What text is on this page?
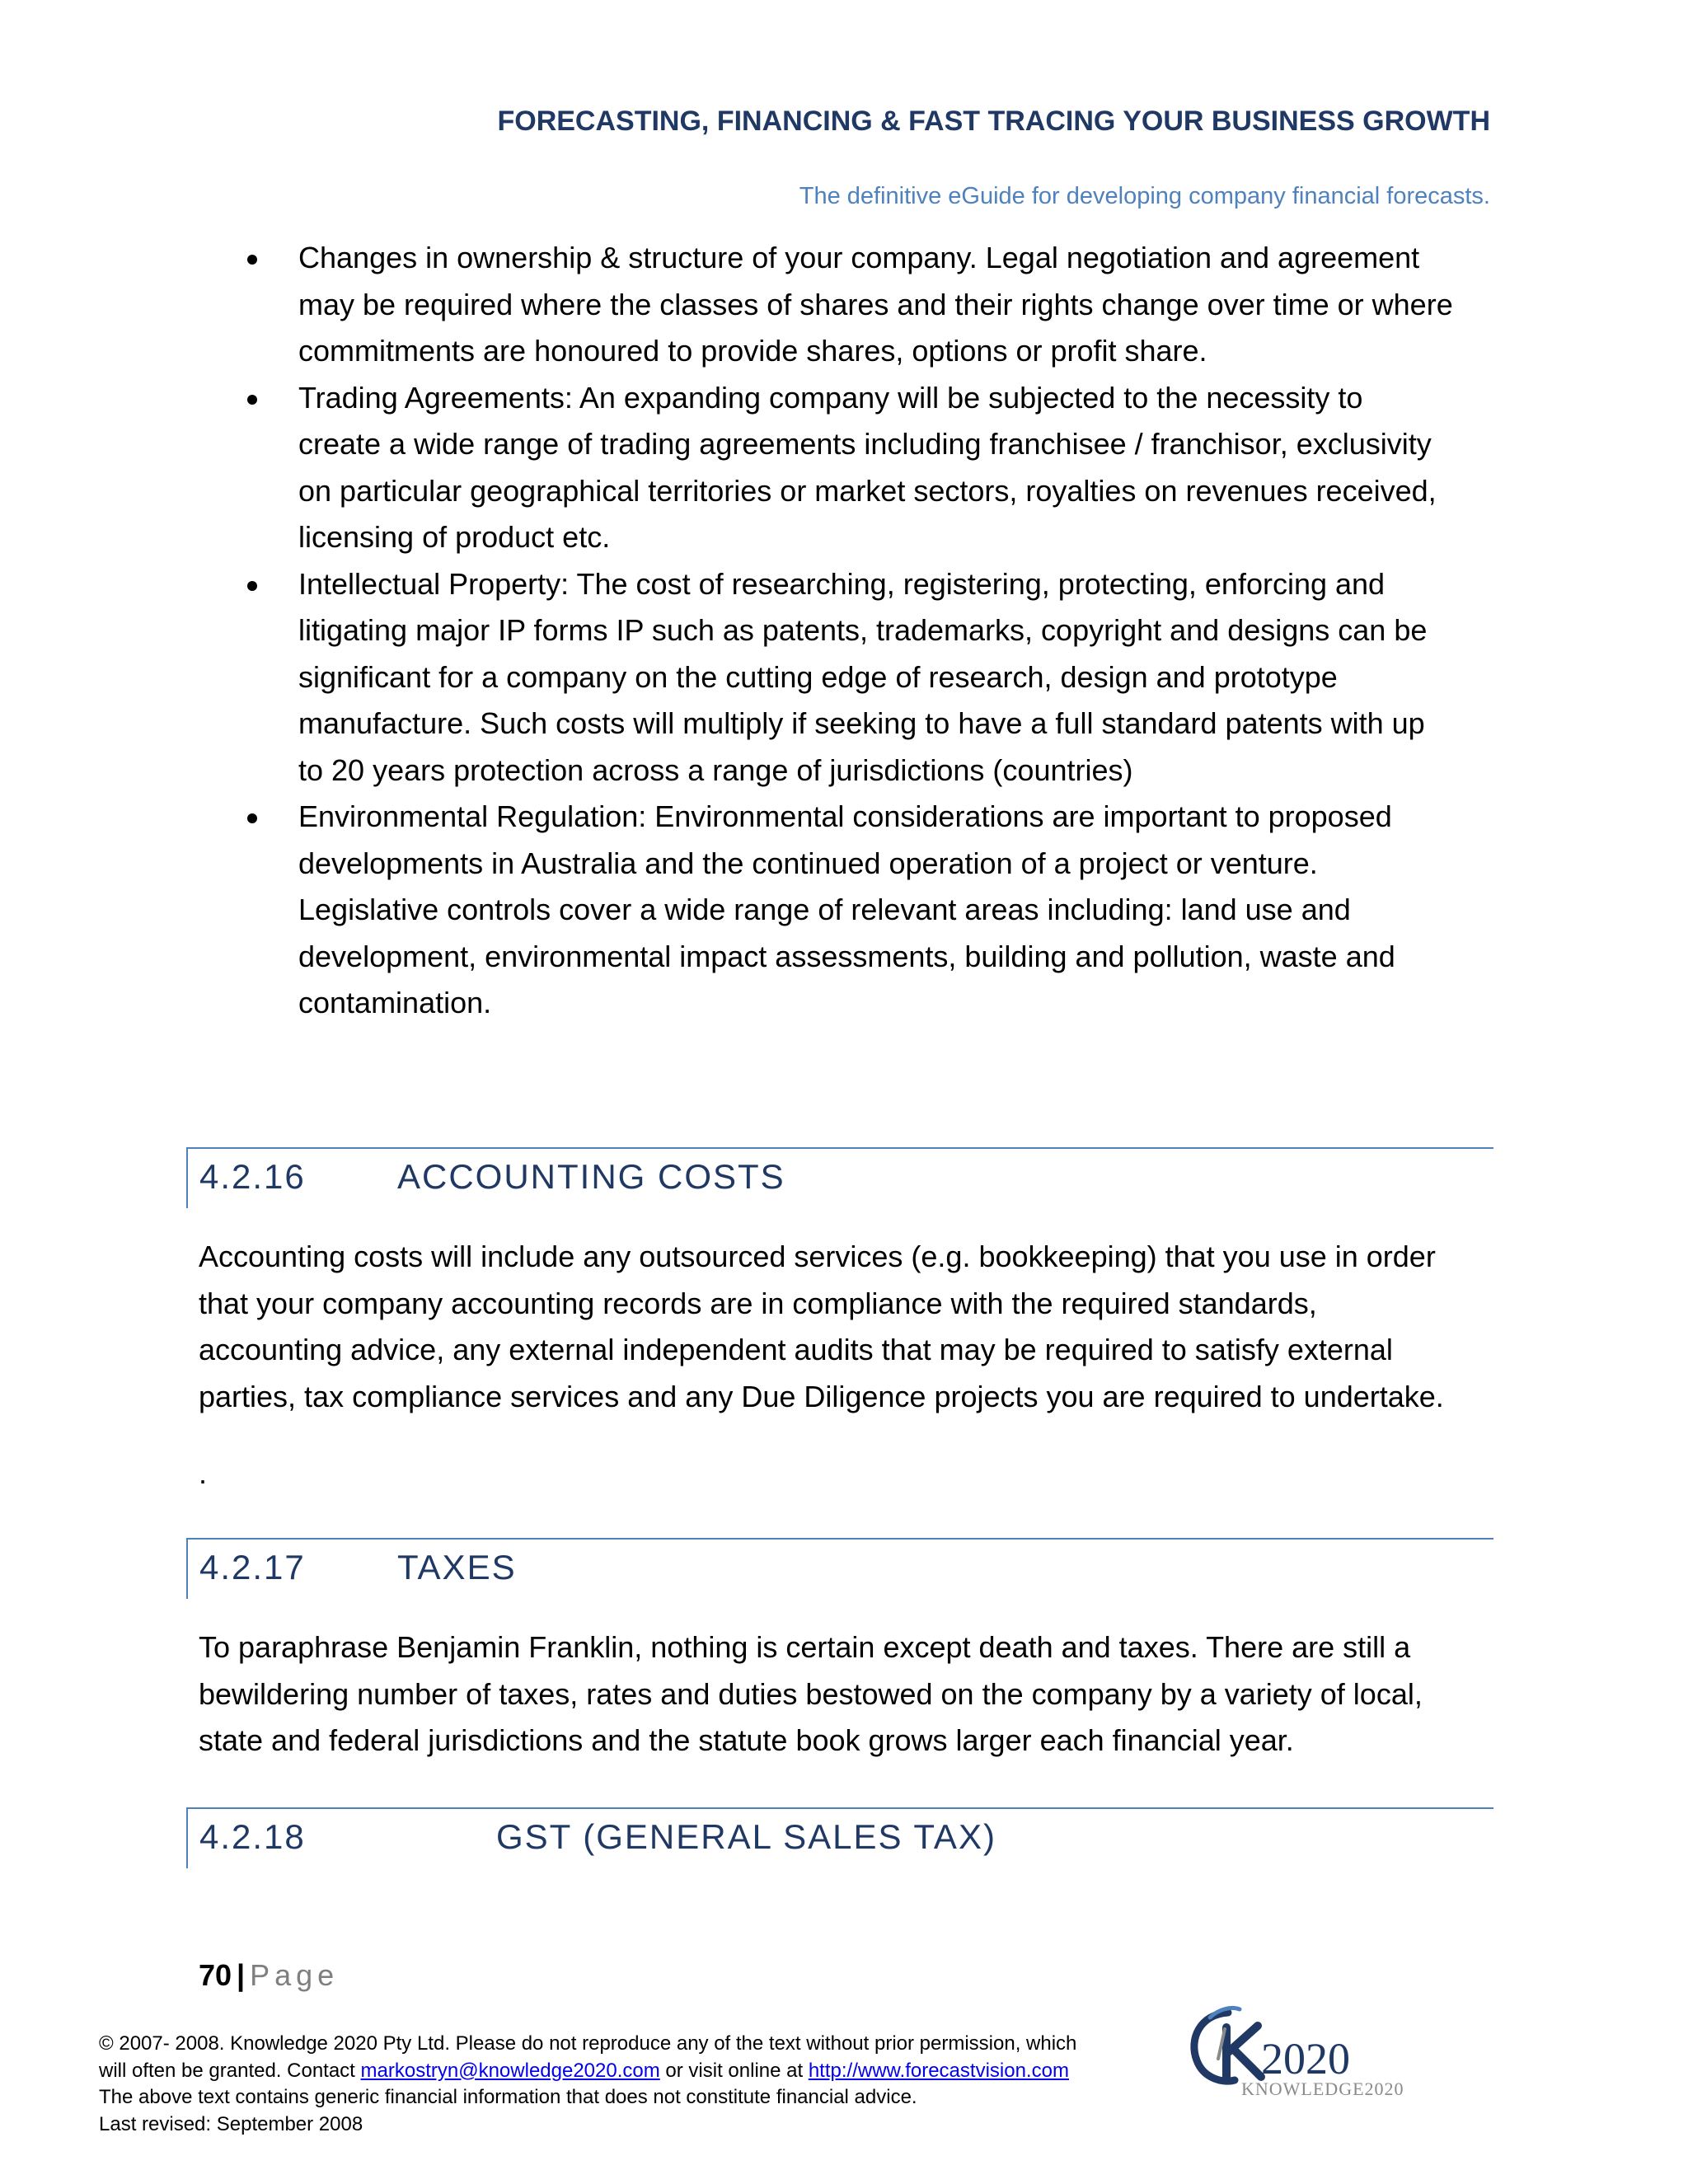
FORECASTING, FINANCING & FAST TRACING YOUR BUSINESS GROWTH
The definitive eGuide for developing company financial forecasts.
Changes in ownership & structure of your company. Legal negotiation and agreement
may be required where the classes of shares and their rights change over time or where
commitments are honoured to provide shares, options or profit share.
Trading Agreements: An expanding company will be subjected to the necessity to
create a wide range of trading agreements including franchisee / franchisor, exclusivity
on particular geographical territories or market sectors, royalties on revenues received,
licensing of product etc.
Intellectual Property: The cost of researching, registering, protecting, enforcing and
litigating major IP forms IP such as patents, trademarks, copyright and designs can be
significant for a company on the cutting edge of research, design and prototype
manufacture. Such costs will multiply if seeking to have a full standard patents with up
to 20 years protection across a range of jurisdictions (countries)
Environmental Regulation: Environmental considerations are important to proposed
developments in Australia and the continued operation of a project or venture.
Legislative controls cover a wide range of relevant areas including: land use and
development, environmental impact assessments, building and pollution, waste and
contamination.
4.2.16	ACCOUNTING COSTS
Accounting costs will include any outsourced services (e.g. bookkeeping) that you use in order
that your company accounting records are in compliance with the required standards,
accounting advice, any external independent audits that may be required to satisfy external
parties, tax compliance services and any Due Diligence projects you are required to undertake.
.
4.2.17	TAXES
To paraphrase Benjamin Franklin, nothing is certain except death and taxes. There are still a
bewildering number of taxes, rates and duties bestowed on the company by a variety of local,
state and federal jurisdictions and the statute book grows larger each financial year.
4.2.18	GST (GENERAL SALES TAX)
70 | Page
© 2007- 2008. Knowledge 2020 Pty Ltd. Please do not reproduce any of the text without prior permission, which
will often be granted. Contact markostryn@knowledge2020.com or visit online at http://www.forecastvision.com
The above text contains generic financial information that does not constitute financial advice.
Last revised: September 2008
2020
KNOWLEDGE2020
